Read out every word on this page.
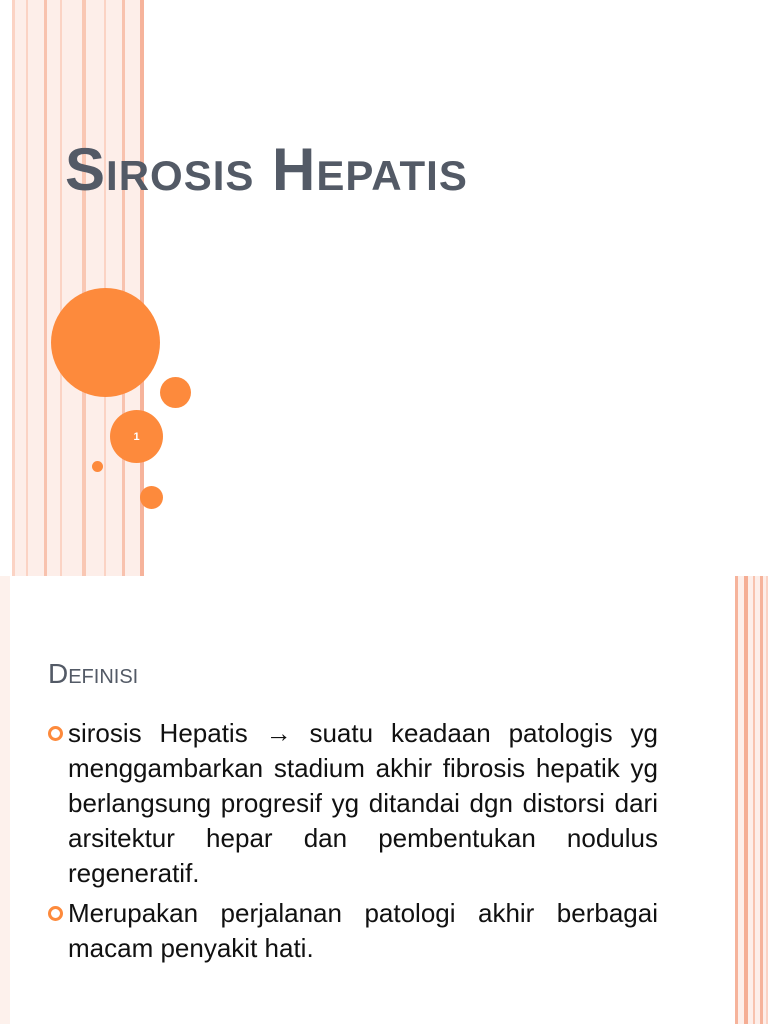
Sirosis Hepatis
1
Definisi
sirosis Hepatis → suatu keadaan patologis yg menggambarkan stadium akhir fibrosis hepatik yg berlangsung progresif yg ditandai dgn distorsi dari arsitektur hepar dan pembentukan nodulus regeneratif.
Merupakan perjalanan patologi akhir berbagai macam penyakit hati.
